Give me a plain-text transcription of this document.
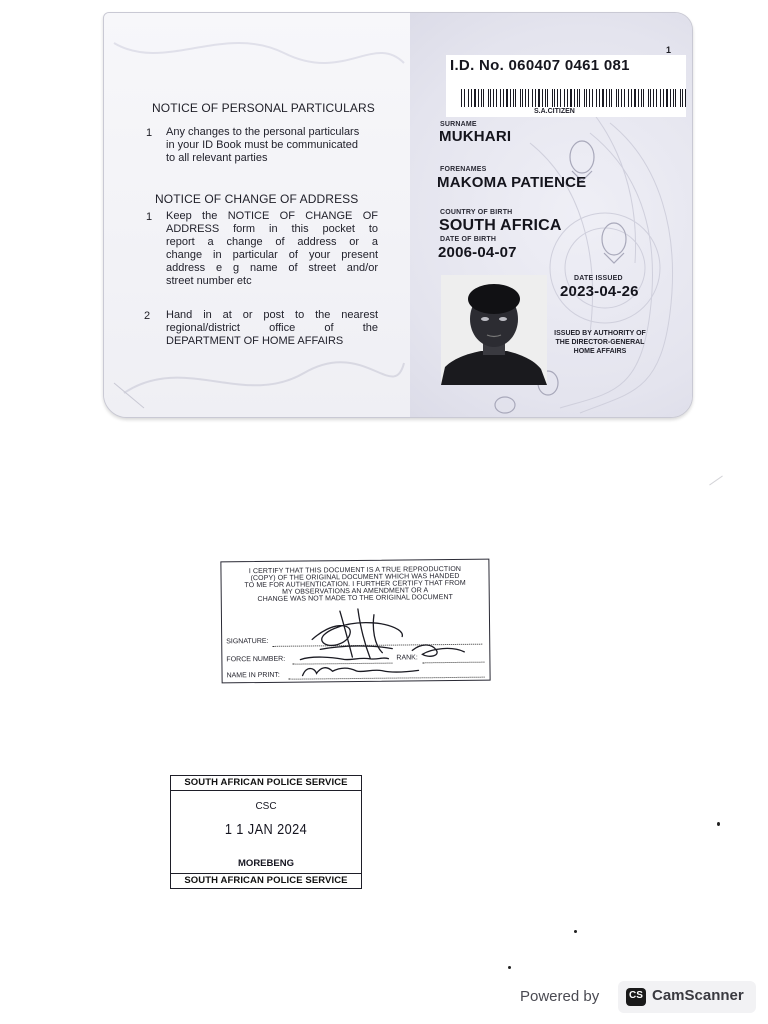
NOTICE OF PERSONAL PARTICULARS
1 Any changes to the personal particulars
in your ID Book must be communicated
to all relevant parties
NOTICE OF CHANGE OF ADDRESS
1 Keep the NOTICE OF CHANGE OF
ADDRESS form in this pocket to
report a change of address or a
change in particular of your present
address e g name of street and/or
street number etc
2 Hand in at or post to the nearest
regional/district office of the
DEPARTMENT OF HOME AFFAIRS
1
I.D. No. 060407 0461 081
S.A.CITIZEN
SURNAME
MUKHARI
FORENAMES
MAKOMA PATIENCE
COUNTRY OF BIRTH
SOUTH AFRICA
DATE OF BIRTH
2006-04-07
DATE ISSUED
2023-04-26
ISSUED BY AUTHORITY OF
THE DIRECTOR-GENERAL
HOME AFFAIRS
I CERTIFY THAT THIS DOCUMENT IS A TRUE REPRODUCTION
(COPY) OF THE ORIGINAL DOCUMENT WHICH WAS HANDED
TO ME FOR AUTHENTICATION. I FURTHER CERTIFY THAT FROM
MY OBSERVATIONS AN AMENDMENT OR A
CHANGE WAS NOT MADE TO THE ORIGINAL DOCUMENT
SIGNATURE:
FORCE NUMBER:	RANK:
NAME IN PRINT:
SOUTH AFRICAN POLICE SERVICE
CSC
1 1 JAN 2024
MOREBENG
SOUTH AFRICAN POLICE SERVICE
Powered by	CS CamScanner
